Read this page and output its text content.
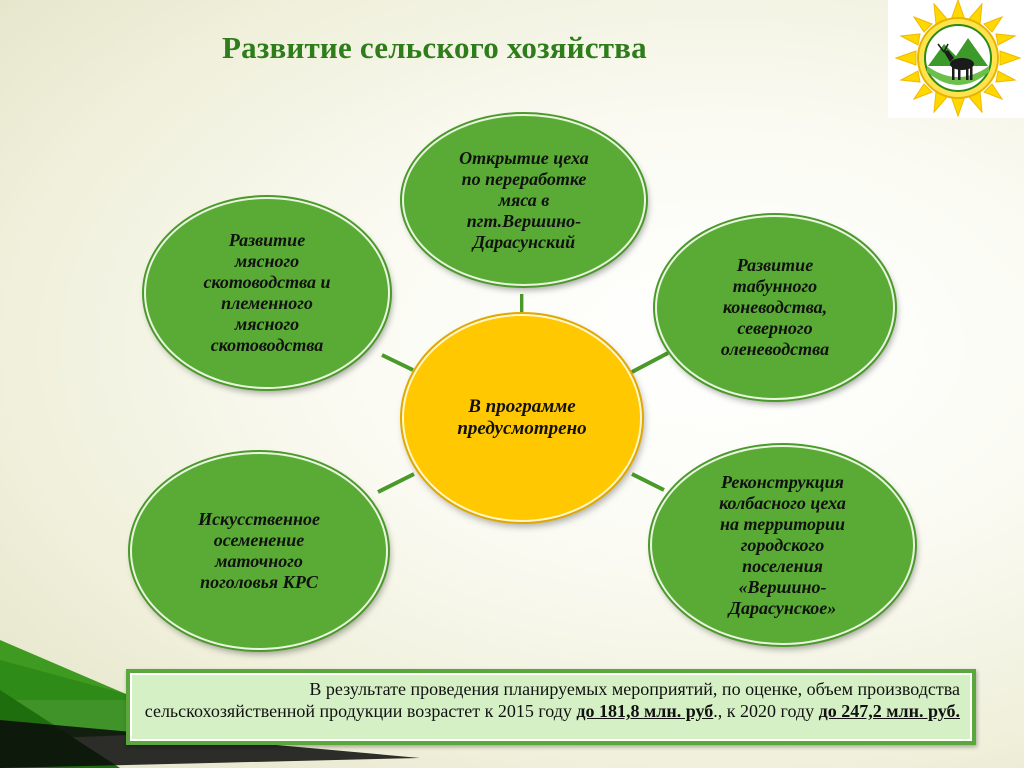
Развитие сельского хозяйства
Открытие цеха
по переработке
мяса в
пгт.Вершино-
Дарасунский
Развитие
мясного
скотоводства и
племенного
мясного
скотоводства
Развитие
табунного
коневодства,
северного
оленеводства
Искусственное
осеменение
маточного
поголовья КРС
Реконструкция
колбасного цеха
на территории
городского
поселения
«Вершино-
Дарасунское»
В программе
предусмотрено
В результате проведения планируемых мероприятий, по оценке, объем производства сельскохозяйственной продукции возрастет к 2015 году до 181,8 млн. руб., к 2020 году до 247,2 млн. руб.
